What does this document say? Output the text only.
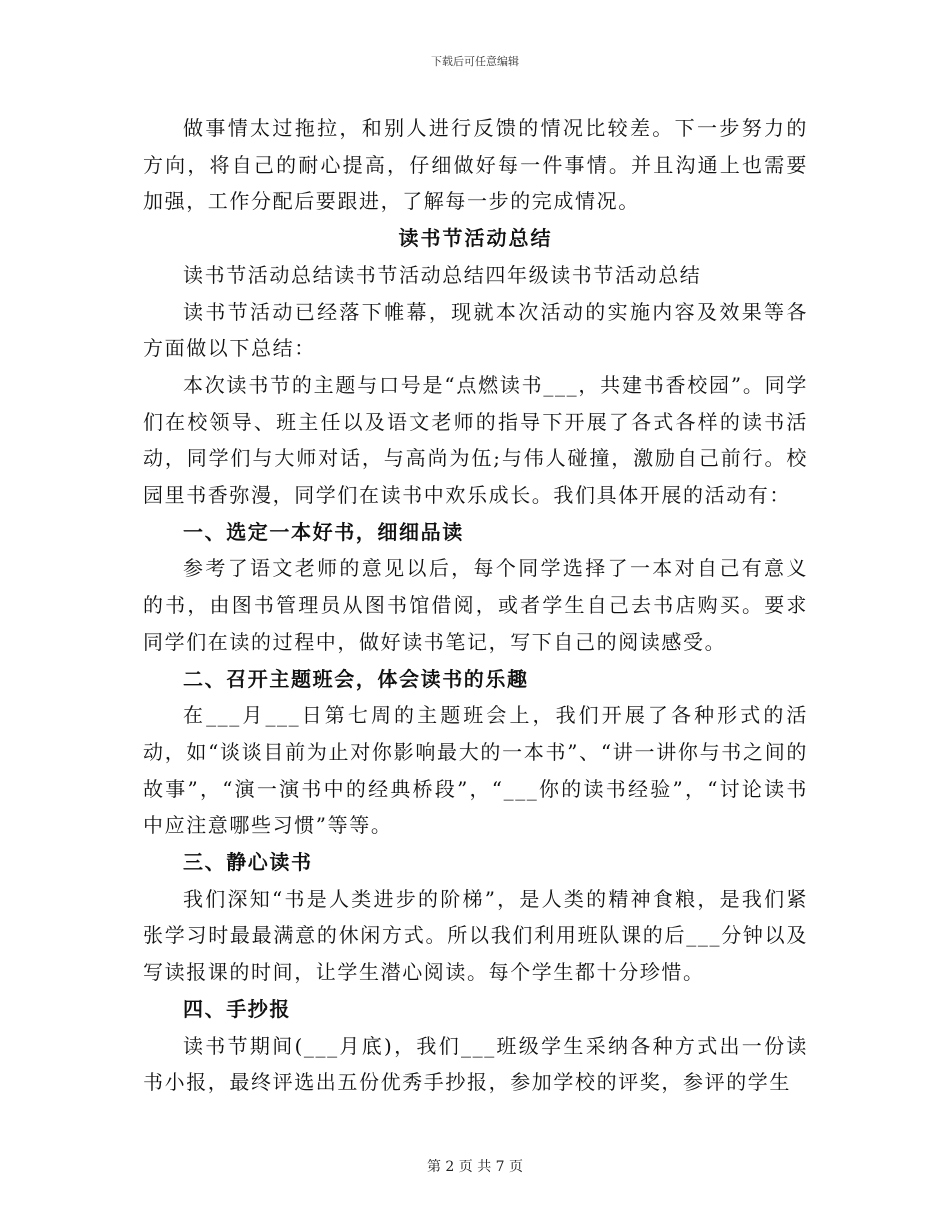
下载后可任意编辑

做事情太过拖拉，和别人进行反馈的情况比较差。下一步努力的方向，将自己的耐心提高，仔细做好每一件事情。并且沟通上也需要加强，工作分配后要跟进，了解每一步的完成情况。

读书节活动总结

读书节活动总结读书节活动总结四年级读书节活动总结

读书节活动已经落下帷幕，现就本次活动的实施内容及效果等各方面做以下总结：

本次读书节的主题与口号是“点燃读书___，共建书香校园”。同学们在校领导、班主任以及语文老师的指导下开展了各式各样的读书活动，同学们与大师对话，与高尚为伍;与伟人碰撞，激励自己前行。校园里书香弥漫，同学们在读书中欢乐成长。我们具体开展的活动有：

一、选定一本好书，细细品读

参考了语文老师的意见以后，每个同学选择了一本对自己有意义的书，由图书管理员从图书馆借阅，或者学生自己去书店购买。要求同学们在读的过程中，做好读书笔记，写下自己的阅读感受。

二、召开主题班会，体会读书的乐趣

在___月___日第七周的主题班会上，我们开展了各种形式的活动，如“谈谈目前为止对你影响最大的一本书”、“讲一讲你与书之间的故事”，“演一演书中的经典桥段”，“___你的读书经验”，“讨论读书中应注意哪些习惯”等等。

三、静心读书

我们深知“书是人类进步的阶梯”，是人类的精神食粮，是我们紧张学习时最最满意的休闲方式。所以我们利用班队课的后___分钟以及写读报课的时间，让学生潜心阅读。每个学生都十分珍惜。

四、手抄报

读书节期间(___月底)，我们___班级学生采纳各种方式出一份读书小报，最终评选出五份优秀手抄报，参加学校的评奖，参评的学生

第 2 页 共 7 页
